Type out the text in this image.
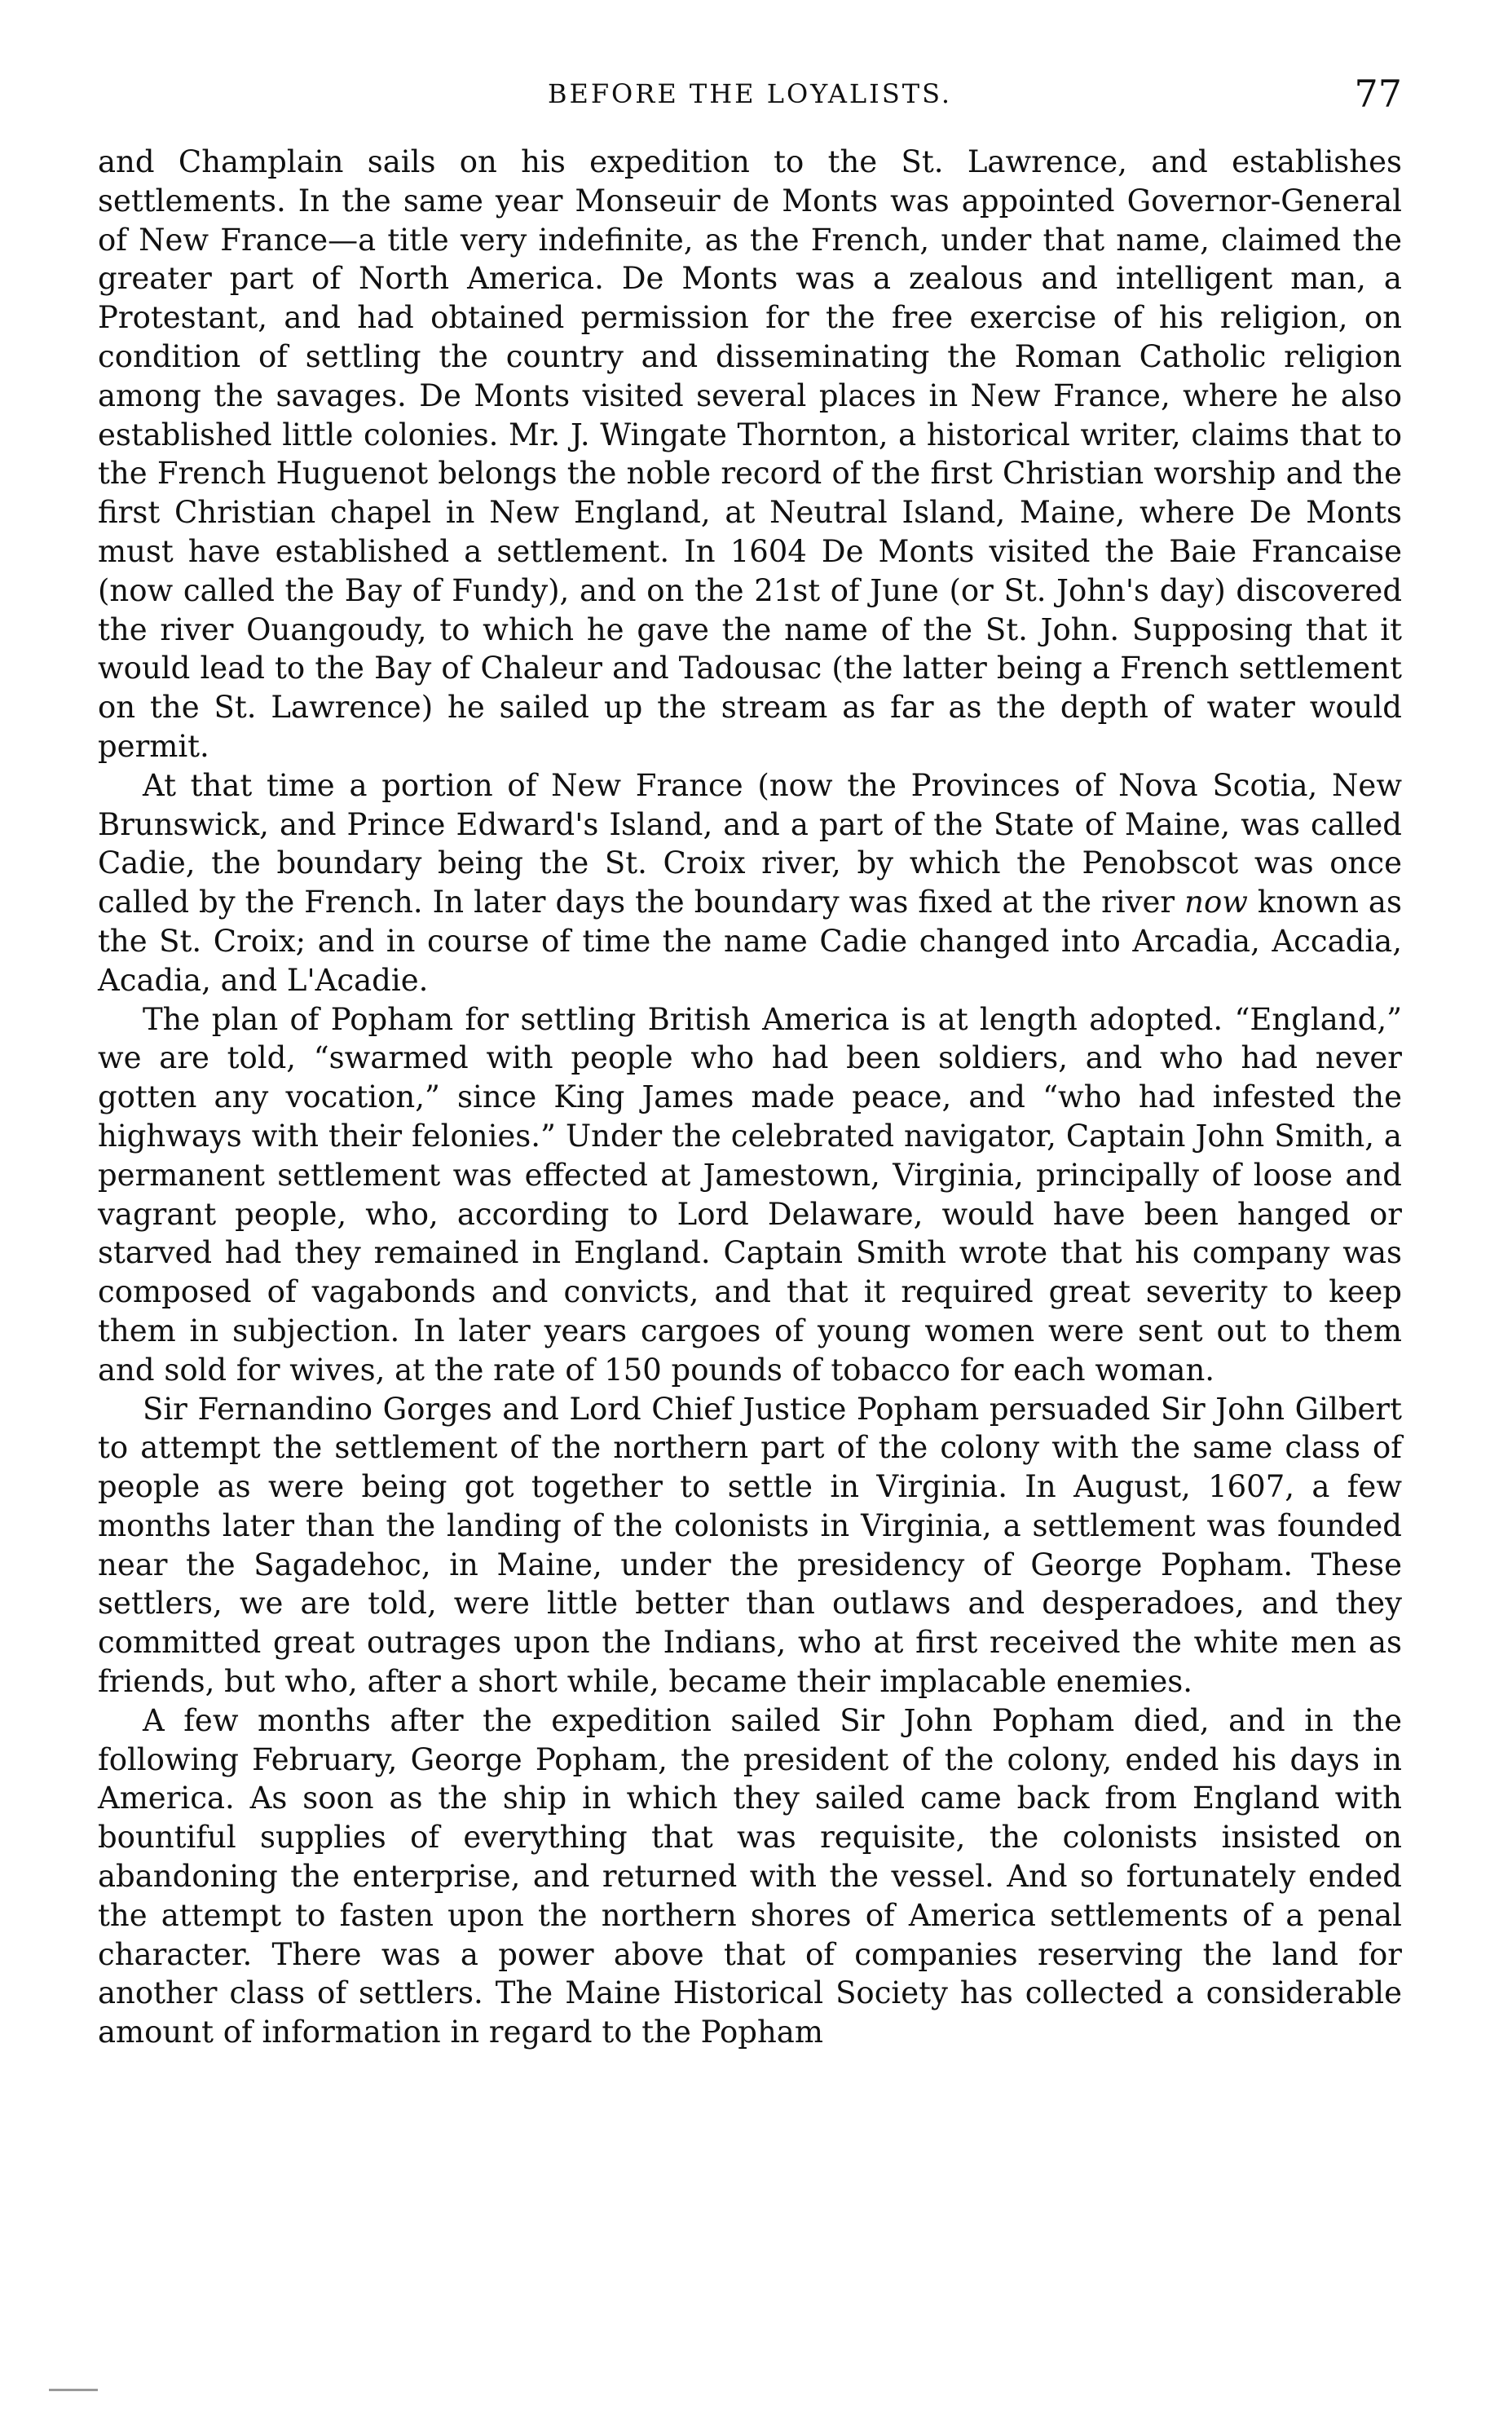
BEFORE THE LOYALISTS.	77

and Champlain sails on his expedition to the St. Lawrence, and establishes settlements. In the same year Monseuir de Monts was appointed Governor-General of New France—a title very indefinite, as the French, under that name, claimed the greater part of North America. De Monts was a zealous and intelligent man, a Protestant, and had obtained permission for the free exercise of his religion, on condition of settling the country and disseminating the Roman Catholic religion among the savages. De Monts visited several places in New France, where he also established little colonies. Mr. J. Wingate Thornton, a historical writer, claims that to the French Huguenot belongs the noble record of the first Christian worship and the first Christian chapel in New England, at Neutral Island, Maine, where De Monts must have established a settlement. In 1604 De Monts visited the Baie Francaise (now called the Bay of Fundy), and on the 21st of June (or St. John's day) discovered the river Ouangoudy, to which he gave the name of the St. John. Supposing that it would lead to the Bay of Chaleur and Tadousac (the latter being a French settlement on the St. Lawrence) he sailed up the stream as far as the depth of water would permit.

At that time a portion of New France (now the Provinces of Nova Scotia, New Brunswick, and Prince Edward's Island, and a part of the State of Maine, was called Cadie, the boundary being the St. Croix river, by which the Penobscot was once called by the French. In later days the boundary was fixed at the river now known as the St. Croix; and in course of time the name Cadie changed into Arcadia, Accadia, Acadia, and L'Acadie.

The plan of Popham for settling British America is at length adopted. “England,” we are told, “swarmed with people who had been soldiers, and who had never gotten any vocation,” since King James made peace, and “who had infested the highways with their felonies.” Under the celebrated navigator, Captain John Smith, a permanent settlement was effected at Jamestown, Virginia, principally of loose and vagrant people, who, according to Lord Delaware, would have been hanged or starved had they remained in England. Captain Smith wrote that his company was composed of vagabonds and convicts, and that it required great severity to keep them in subjection. In later years cargoes of young women were sent out to them and sold for wives, at the rate of 150 pounds of tobacco for each woman.

Sir Fernandino Gorges and Lord Chief Justice Popham persuaded Sir John Gilbert to attempt the settlement of the northern part of the colony with the same class of people as were being got together to settle in Virginia. In August, 1607, a few months later than the landing of the colonists in Virginia, a settlement was founded near the Sagadehoc, in Maine, under the presidency of George Popham. These settlers, we are told, were little better than outlaws and desperadoes, and they committed great outrages upon the Indians, who at first received the white men as friends, but who, after a short while, became their implacable enemies.

A few months after the expedition sailed Sir John Popham died, and in the following February, George Popham, the president of the colony, ended his days in America. As soon as the ship in which they sailed came back from England with bountiful supplies of everything that was requisite, the colonists insisted on abandoning the enterprise, and returned with the vessel. And so fortunately ended the attempt to fasten upon the northern shores of America settlements of a penal character. There was a power above that of companies reserving the land for another class of settlers. The Maine Historical Society has collected a considerable amount of information in regard to the Popham
